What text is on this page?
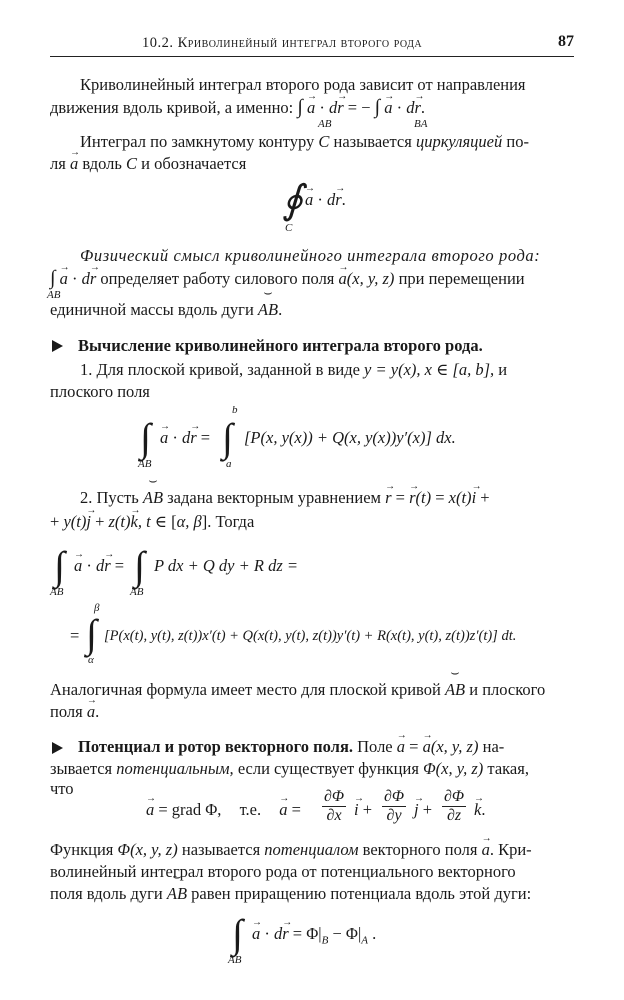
10.2. Криволинейный интеграл второго рода	87
Криволинейный интеграл второго рода зависит от направления
движения вдоль кривой, а именно: ∫ → a · d→ r = − ∫ → a · d→ r.
AB	BA
Интеграл по замкнутому контуру C называется циркуляцией по-
ля → a вдоль C и обозначается
∮
→ a · d→ r.
C
Физический смысл криволинейного интеграла второго рода:
∫ → a · d→ r определяет работу силового поля → a(x, y, z) при перемещении
AB
единичной массы вдоль дуги ⌣ AB.
Вычисление криволинейного интеграла второго рода.
1. Для плоской кривой, заданной в виде y = y(x), x ∈ [a, b], и
плоского поля
∫
→ a · d→ r =
AB
b
∫
a
[P(x, y(x)) + Q(x, y(x))y′(x)] dx.
2. Пусть ⌣ AB задана векторным уравнением → r = → r(t) = x(t)→ i +
+ y(t)→ j + z(t)→ k, t ∈ [α, β]. Тогда
∫
→ a · d→ r =
AB
∫
AB
P dx + Q dy + R dz =
β
= ∫
α
[P(x(t), y(t), z(t))x′(t) + Q(x(t), y(t), z(t))y′(t) + R(x(t), y(t), z(t))z′(t)] dt.
Аналогичная формула имеет место для плоской кривой ⌣ AB и плоского
поля → a.
Потенциал и ротор векторного поля. Поле → a = → a(x, y, z) на-
зывается потенциальным, если существует функция Φ(x, y, z) такая,
что
→ a = grad Φ, т.е. → $a = \frac{\partial\Phi}{\partial x}$
→ $i + \frac{\partial\Phi}{\partial y}$
→ $j + \frac{\partial\Phi}{\partial z}$
→ k.
Функция Φ(x, y, z) называется потенциалом векторного поля → a. Кри-
волинейный интеграл второго рода от потенциального векторного
поля вдоль дуги ⌣ AB равен приращению потенциала вдоль этой дуги:
∫
AB
→ $a \cdot d\to r = \Phi|_B - \Phi|_A$ .
